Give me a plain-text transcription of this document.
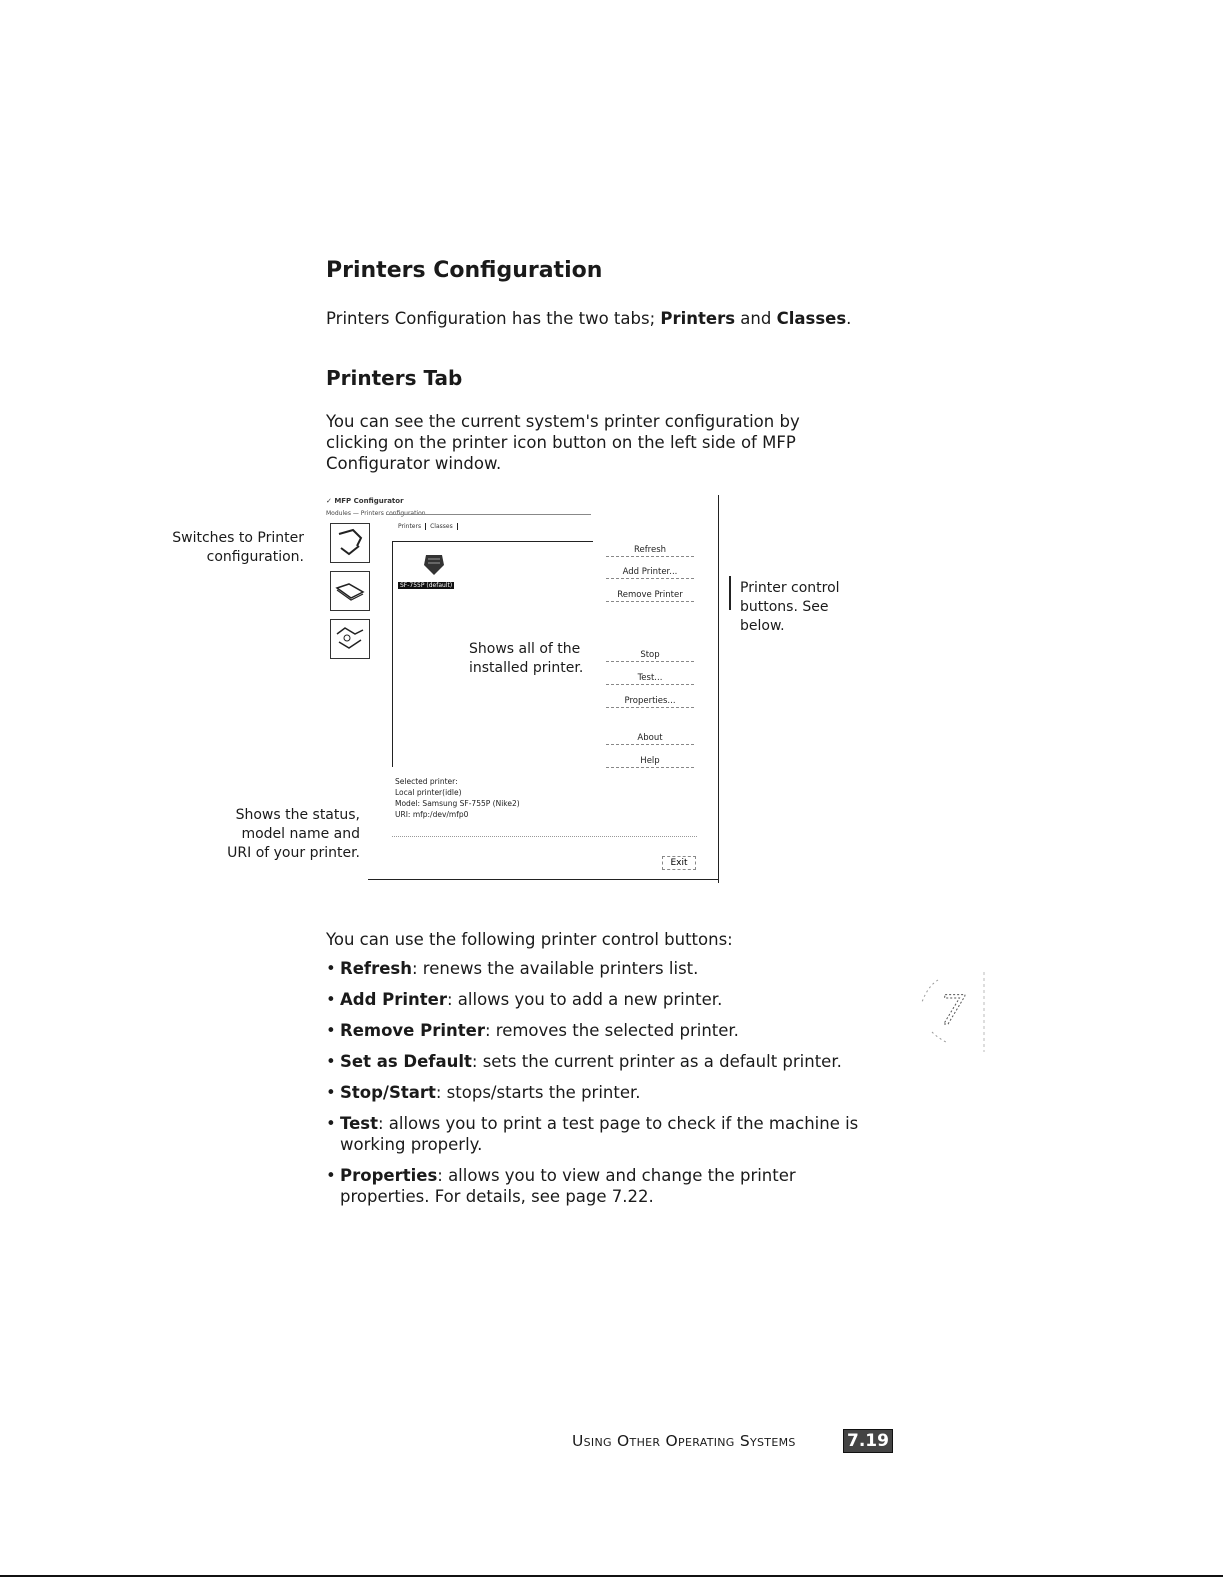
Printers Configuration

Printers Configuration has the two tabs; Printers and Classes.

Printers Tab

You can see the current system's printer configuration by clicking on the printer icon button on the left side of MFP Configurator window.

Switches to Printer
configuration.
Shows the status,
model name and
URI of your printer.
Printer control
buttons. See
below.
✓ MFP Configurator
Modules — Printers configuration
Printers Classes
SF-755P (default)
Shows all of the
installed printer.
Refresh
Add Printer...
Remove Printer
Stop
Test...
Properties...
About
Help
Selected printer:
Local printer(idle)
Model: Samsung SF-755P (Nike2)
URI: mfp:/dev/mfp0
Exit

You can use the following printer control buttons:

• Refresh: renews the available printers list.
• Add Printer: allows you to add a new printer.
• Remove Printer: removes the selected printer.
• Set as Default: sets the current printer as a default printer.
• Stop/Start: stops/starts the printer.
• Test: allows you to print a test page to check if the machine is working properly.
• Properties: allows you to view and change the printer properties. For details, see page 7.22.
7
Using Other Operating Systems	7.19
